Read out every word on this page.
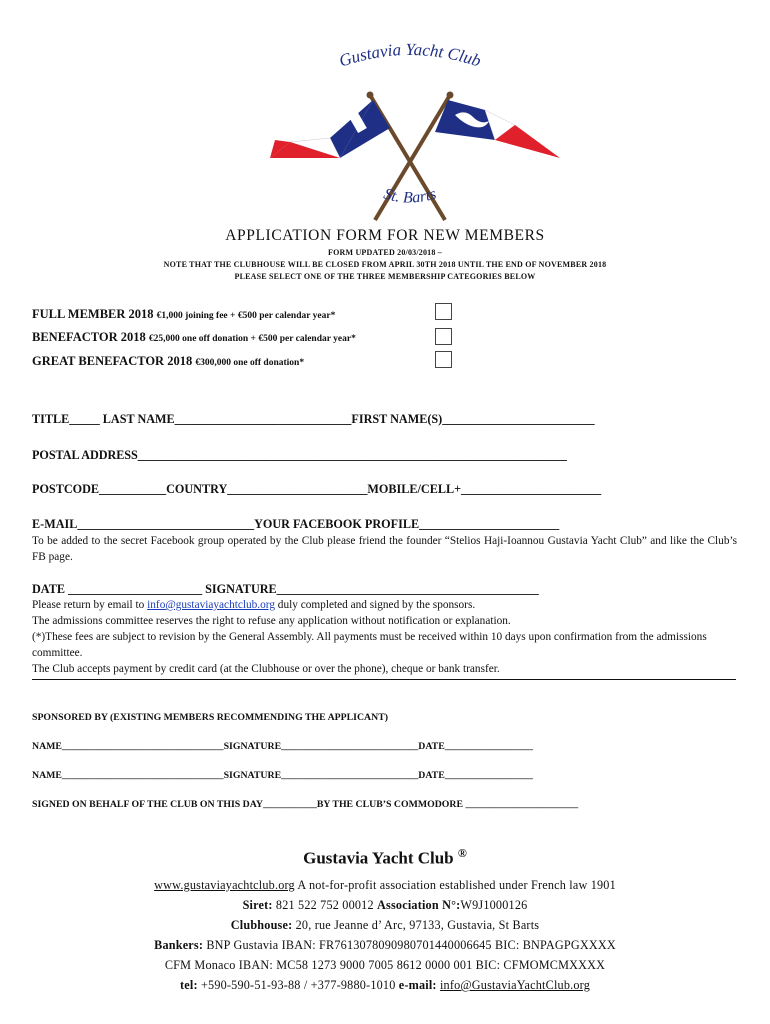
Gustavia Yacht Club
St. Barts
APPLICATION FORM FOR NEW MEMBERS
FORM UPDATED 20/03/2018 –
NOTE THAT THE CLUBHOUSE WILL BE CLOSED FROM APRIL 30TH 2018 UNTIL THE END OF NOVEMBER 2018
PLEASE SELECT ONE OF THE THREE MEMBERSHIP CATEGORIES BELOW
FULL MEMBER 2018 €1,000 joining fee + €500 per calendar year*
BENEFACTOR 2018 €25,000 one off donation + €500 per calendar year*
GREAT BENEFACTOR 2018 €300,000 one off donation*
TITLE_____ LAST NAME_____________________________FIRST NAME(S)_________________________
POSTAL ADDRESS_______________________________________________________________________
POSTCODE___________COUNTRY_______________________MOBILE/CELL+_______________________
E-MAIL_____________________________YOUR FACEBOOK PROFILE_______________________
To be added to the secret Facebook group operated by the Club please friend the founder “Stelios Haji-Ioannou Gustavia Yacht Club” and like the Club’s FB page.
DATE ______________________ SIGNATURE___________________________________________
Please return by email to info@gustaviayachtclub.org duly completed and signed by the sponsors.
The admissions committee reserves the right to refuse any application without notification or explanation.
(*)These fees are subject to revision by the General Assembly. All payments must be received within 10 days upon confirmation from the admissions committee.
The Club accepts payment by credit card (at the Clubhouse or over the phone), cheque or bank transfer.
SPONSORED BY (EXISTING MEMBERS RECOMMENDING THE APPLICANT)
NAME_________________________________SIGNATURE____________________________DATE__________________
NAME_________________________________SIGNATURE____________________________DATE__________________
SIGNED ON BEHALF OF THE CLUB ON THIS DAY___________BY THE CLUB’S COMMODORE _______________________
Gustavia Yacht Club ®
www.gustaviayachtclub.org A not-for-profit association established under French law 1901
Siret: 821 522 752 00012 Association N°:W9J1000126
Clubhouse: 20, rue Jeanne d’ Arc, 97133, Gustavia, St Barts
Bankers: BNP Gustavia IBAN: FR7613078090980701440006645 BIC: BNPAGPGXXXX
CFM Monaco IBAN: MC58 1273 9000 7005 8612 0000 001 BIC: CFMOMCMXXXX
tel: +590-590-51-93-88 / +377-9880-1010 e-mail: info@GustaviaYachtClub.org
